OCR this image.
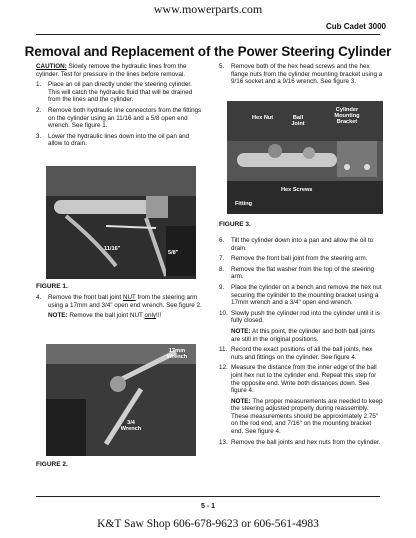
www.mowerparts.com
Cub Cadet 3000
Removal and Replacement of the Power Steering Cylinder

CAUTION: Slowly remove the hydraulic lines from the cylinder. Test for pressure in the lines before removal.

1.	Place an oil pan directly under the steering cylinder. This will catch the hydraulic fluid that will be drained from the lines and the cylinder.
2.	Remove both hydraulic line connectors from the fittings on the cylinder using an 11/16 and a 5/8 open end wrench. See figure 1.
3.	Lower the hydraulic lines down into the oil pan and allow to drain.
11/16"
5/8"
FIGURE 1.
4.	Remove the front ball joint NUT from the steering arm using a 17mm and 3/4" open end wrench. See figure 2.
NOTE: Remove the ball joint NUT only!!!
17mm Wrench
3/4 Wrench
FIGURE 2.
5.	Remove both of the hex head screws and the hex flange nuts from the cylinder mounting bracket using a 9/16 socket and a 9/16 wrench. See figure 3.
Hex Nut	Ball Joint
Cylinder Mounting Bracket
Hex Screws
Fitting
FIGURE 3.
6.	Tilt the cylinder down into a pan and allow the oil to drain.
7.	Remove the front ball joint from the steering arm.
8.	Remove the flat washer from the top of the steering arm.
9.	Place the cylinder on a bench and remove the hex nut securing the cylinder to the mounting bracket using a 17mm wrench and a 3/4" open end wrench.
10. Slowly push the cylinder rod into the cylinder until it is fully closed.
NOTE: At this point, the cylinder and both ball joints are still in the original positions.
11. Record the exact positions of all the ball joints, hex nuts and fittings on the cylinder. See figure 4.
12. Measure the distance from the inner edge of the ball joint hex nut to the cylinder end. Repeat this step for the opposite end. Write both distances down. See figure 4.
NOTE: The proper measurements are needed to keep the steering adjusted properly during reassembly. These measurements should be approximately 2.75" on the rod end, and 7/16" on the mounting bracket end. See figure 4.
13. Remove the ball joints and hex nuts from the cylinder.
5 - 1
K&T Saw Shop 606-678-9623 or 606-561-4983
